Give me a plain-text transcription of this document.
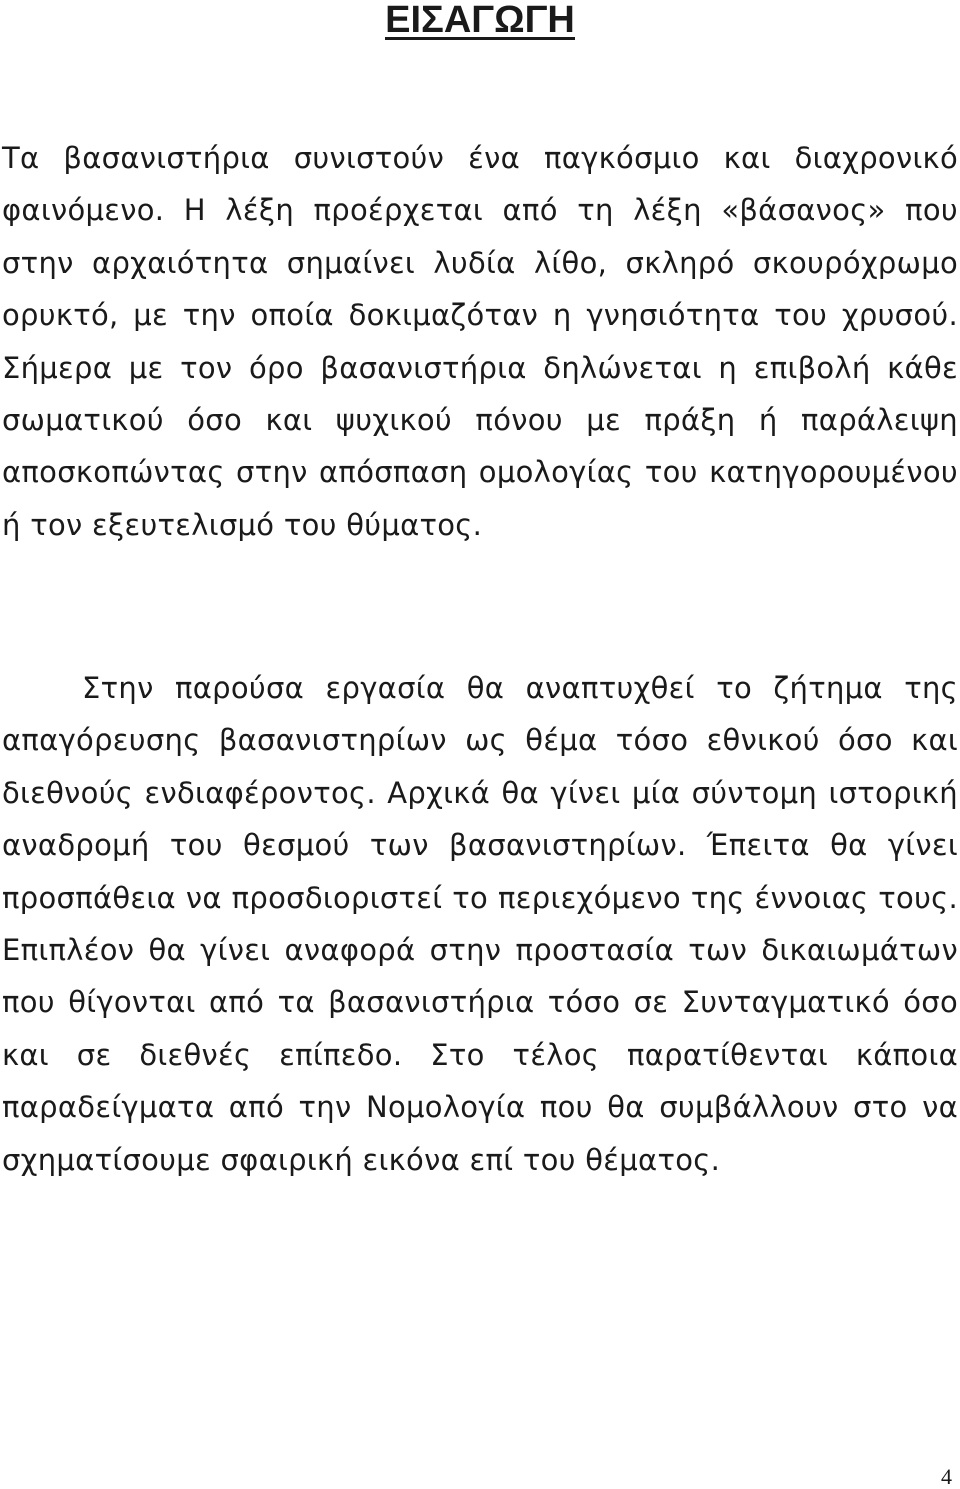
ΕΙΣΑΓΩΓΗ

Τα βασανιστήρια συνιστούν ένα παγκόσμιο και διαχρονικό φαινόμενο. Η λέξη προέρχεται από τη λέξη «βάσανος» που στην αρχαιότητα σημαίνει λυδία λίθο, σκληρό σκουρόχρωμο ορυκτό, με την οποία δοκιμαζόταν η γνησιότητα του χρυσού. Σήμερα με τον όρο βασανιστήρια δηλώνεται η επιβολή κάθε σωματικού όσο και ψυχικού πόνου με πράξη ή παράλειψη αποσκοπώντας στην απόσπαση ομολογίας του κατηγορουμένου ή τον εξευτελισμό του θύματος.

Στην παρούσα εργασία θα αναπτυχθεί το ζήτημα της απαγόρευσης βασανιστηρίων ως θέμα τόσο εθνικού όσο και διεθνούς ενδιαφέροντος. Αρχικά θα γίνει μία σύντομη ιστορική αναδρομή του θεσμού των βασανιστηρίων. Έπειτα θα γίνει προσπάθεια να προσδιοριστεί το περιεχόμενο της έννοιας τους. Επιπλέον θα γίνει αναφορά στην προστασία των δικαιωμάτων που θίγονται από τα βασανιστήρια τόσο σε Συνταγματικό όσο και σε διεθνές επίπεδο. Στο τέλος παρατίθενται κάποια παραδείγματα από την Νομολογία που θα συμβάλλουν στο να σχηματίσουμε σφαιρική εικόνα επί του θέματος.

4
